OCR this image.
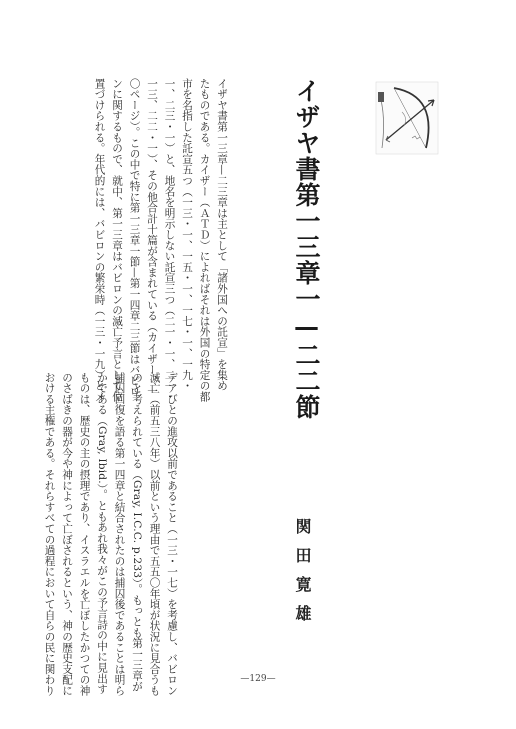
イザヤ書第一三章一—二二節
関田寛雄
イザヤ書第一三章—二三章は主として「諸外国への託宣」を集め
たものである。カイザー（ＡＴＤ）によればそれは外国の特定の都
市を名指した託宣五つ（一三・一、一五・一、一七・一、一九・
一、二三・一）と、地名を明示しない託宣三つ（二一・一、二一・
一三、二二・一）、その他合計十篇が含まれている（カイザー、一
〇ページ）。この中で特に第一三章一節—第一四章二三節はバビロ
ンに関するもので、就中、第一三章はバビロンの滅亡予言として位
置づけられる。年代的には、バビロンの繁栄時（一三・一九）とメ
デアびとの進攻以前であること（一三・一七）を考慮し、バビロン
滅亡（前五三八年）以前という理由で五五〇年頃が状況に見合うも
のと考えられている（Gray, I.C.C. p.233）。もっとも第一三章が
捕囚回復を語る第一四章と結合されたのは捕囚後であることは明ら
かである（Gray, Ibid.）。ともあれ我々がこの予言詩の中に見出す
ものは、歴史の主の摂理であり、イスラエルを亡ぼしたかつての神
のさばきの器が今や神によって亡ぼされるという、神の歴史支配に
おける主権である。それらすべての過程において自らの民に関わり	—129—
